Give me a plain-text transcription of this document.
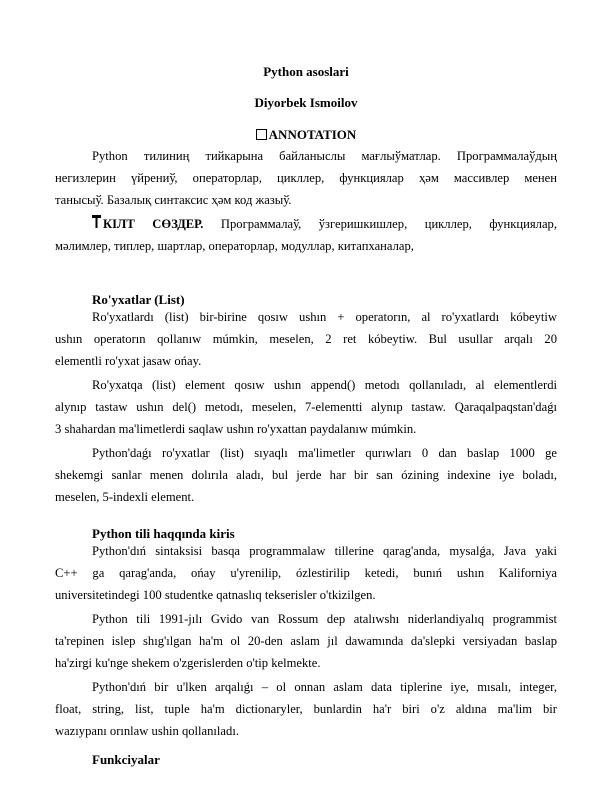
Python asoslari
Diyorbek Ismoilov
ANNOTATION
Python тилиниң тийкарына байланыслы мағлыўматлар. Программалаўдың
негизлерин үйрениў, операторлар, цикллер, функциялар ҳәм массивлер менен
танысыў. Базалық синтаксис ҳәм код жазыў.
КІЛТ СӨЗДЕР. Программалаў, ўзгеришкишлер, цикллер, функциялар,
мәлимлер, типлер, шартлар, операторлар, модуллар, китапханалар,
Ro'yxatlar (List)
Ro'yxatlardı (list) bir-birine qosıw ushın + operatorın, al ro'yxatlardı kóbeytiw
ushın operatorın qollanıw múmkin, meselen, 2 ret kóbeytiw. Bul usullar arqalı 20
elementli ro'yxat jasaw ońay.
Ro'yxatqa (list) element qosıw ushın append() metodı qollanıladı, al elementlerdi
alynıp tastaw ushın del() metodı, meselen, 7-elementti alynıp tastaw. Qaraqalpaqstan'daǵı
3 shahardan ma'limetlerdi saqlaw ushın ro'yxattan paydalanıw múmkin.
Python'daǵı ro'yxatlar (list) sıyaqlı ma'limetler qurıwları 0 dan baslap 1000 ge
shekemgi sanlar menen dolırıla aladı, bul jerde har bir san ózining indexine iye boladı,
meselen, 5-indexli element.
Python tili haqqında kiris
Python'dıń sintaksisi basqa programmalaw tillerine qarag'anda, mysalǵa, Java yaki
C++ ga qarag'anda, ońay u'yrenilip, ózlestirilip ketedi, bunıń ushın Kaliforniya
universitetindegi 100 studentke qatnaslıq tekserisler o'tkizilgen.
Python tili 1991-jılı Gvido van Rossum dep atalıwshı niderlandiyalıq programmist
ta'repinen islep shıg'ılgan ha'm ol 20-den aslam jıl dawamında da'slepki versiyadan baslap
ha'zirgi ku'nge shekem o'zgerislerden o'tip kelmekte.
Python'dıń bir u'lken arqalıǵı – ol onnan aslam data tiplerine iye, mısalı, integer,
float, string, list, tuple ha'm dictionaryler, bunlardin ha'r biri o'z aldına ma'lim bir
wazıypanı orınlaw ushin qollanıladı.
Funkciyalar
